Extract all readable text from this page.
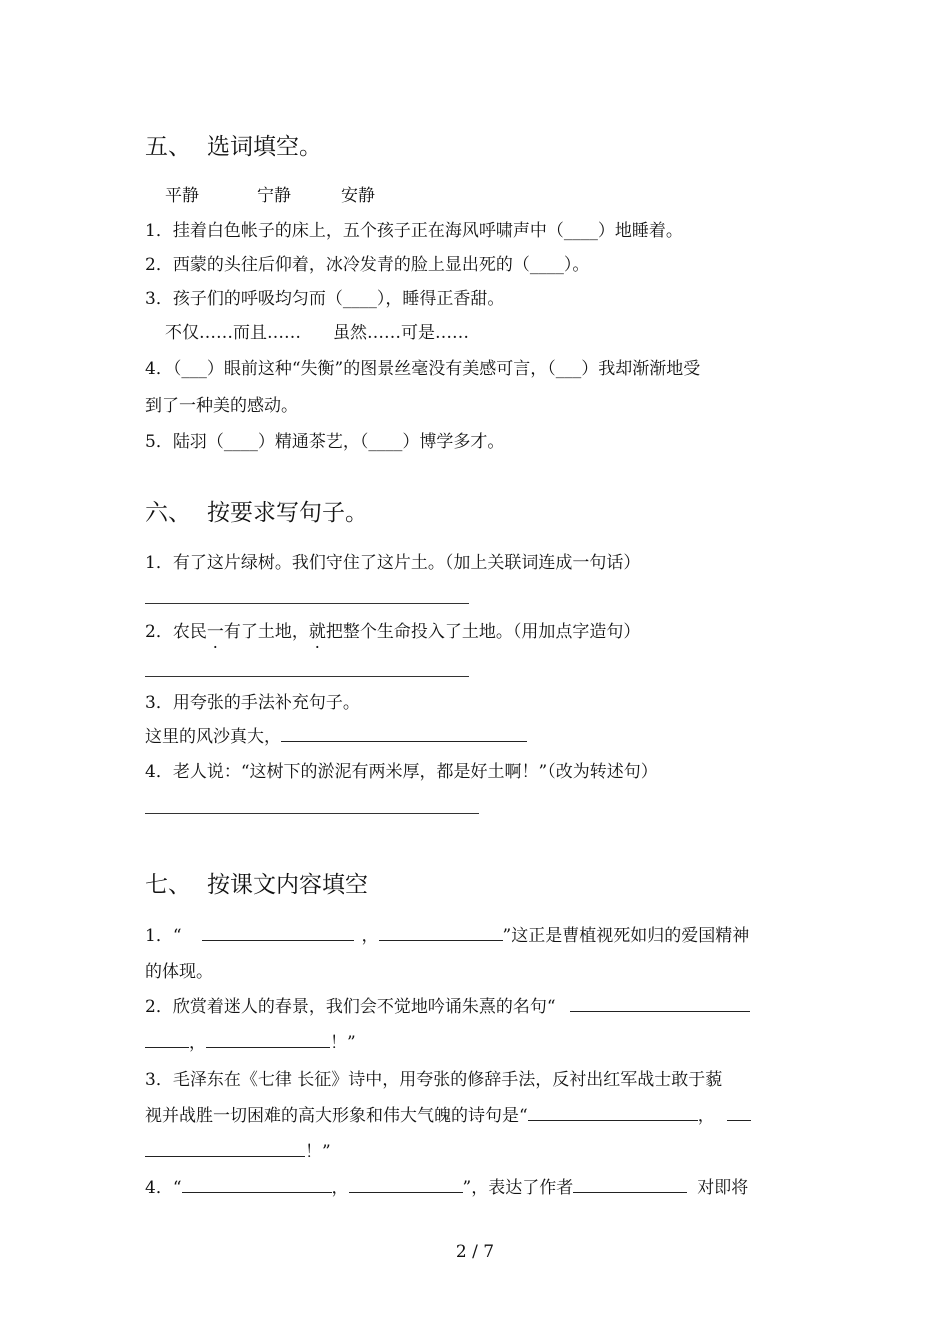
五、 选词填空。
平静	宁静	安静
1．挂着白色帐子的床上，五个孩子正在海风呼啸声中（____）地睡着。
2．西蒙的头往后仰着，冰冷发青的脸上显出死的（____）。
3．孩子们的呼吸均匀而（____），睡得正香甜。
不仅……而且…… 虽然……可是……
4．（___）眼前这种“失衡”的图景丝毫没有美感可言，（___）我却渐渐地受
到了一种美的感动。
5．陆羽（____）精通茶艺，（____）博学多才。
六、 按要求写句子。
1．有了这片绿树。我们守住了这片土。（加上关联词连成一句话）
2．农民一有了土地，就把整个生命投入了土地。（用加点字造句）
3．用夸张的手法补充句子。
这里的风沙真大，
4．老人说：“这树下的淤泥有两米厚，都是好土啊！”（改为转述句）
七、 按课文内容填空
1．“	，	”这正是曹植视死如归的爱国精神
的体现。
2．欣赏着迷人的春景，我们会不觉地吟诵朱熹的名句“
，	！”
3．毛泽东在《七律 长征》诗中，用夸张的修辞手法，反衬出红军战士敢于藐
视并战胜一切困难的高大形象和伟大气魄的诗句是“	，
！”
4．“	，	”，表达了作者	对即将
2 / 7
